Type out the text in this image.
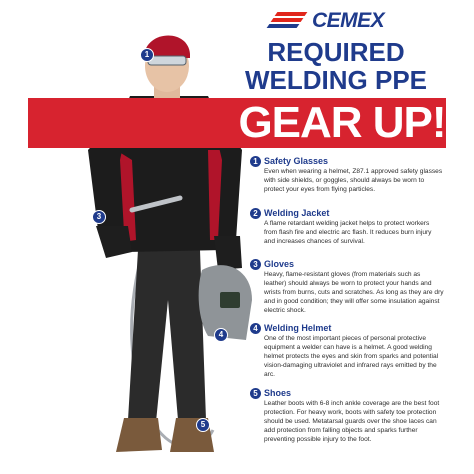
1
3
4
5
CEMEX
REQUIRED
WELDING PPE
GEAR UP!
1 Safety Glasses
Even when wearing a helmet, Z87.1 approved safety glasses with side shields, or goggles, should always be worn to protect your eyes from flying particles.
2 Welding Jacket
A flame retardant welding jacket helps to protect workers from flash fire and electric arc flash. It reduces burn injury and increases chances of survival.
3 Gloves
Heavy, flame-resistant gloves (from materials such as leather) should always be worn to protect your hands and wrists from burns, cuts and scratches. As long as they are dry and in good condition; they will offer some insulation against electric shock.
4 Welding Helmet
One of the most important pieces of personal protective equipment a welder can have is a helmet. A good welding helmet protects the eyes and skin from sparks and potential vision-damaging ultraviolet and infrared rays emitted by the arc.
5 Shoes
Leather boots with 6-8 inch ankle coverage are the best foot protection. For heavy work, boots with safety toe protection should be used. Metatarsal guards over the shoe laces can add protection from falling objects and sparks further preventing possible injury to the foot.
